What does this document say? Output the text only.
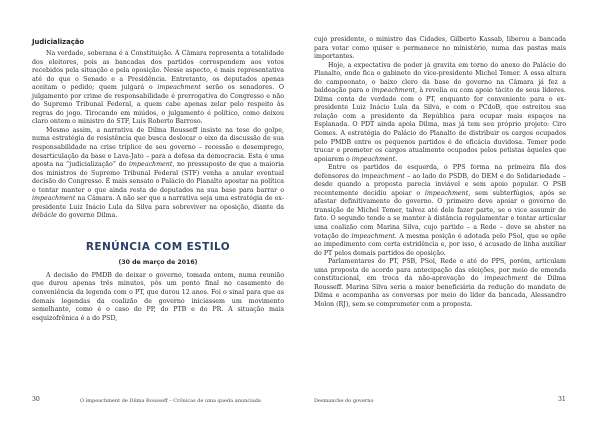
Judicialização

Na verdade, soberana é a Constituição. À Câmara representa a totalidade dos eleitores, pois as bancadas dos partidos correspondem aos votos recebidos pela situação e pela oposição. Nesse aspecto, é mais representativa até do que o Senado e a Presidência. Entretanto, os deputados apenas aceitam o pedido; quem julgará o impeachment serão os senadores. O julgamento por crime de responsabilidade é prerrogativa do Congresso e não do Supremo Tribunal Federal, a quem cabe apenas zelar pelo respeito às regras do jogo. Tirocando em miúdos, o julgamento é político, como deixou claro ontem o ministro do STF, Luís Roberto Barroso.

Mesmo assim, a narrativa de Dilma Rousseff insiste na tese do golpe, numa estratégia de resistência que busca deslocar o eixo da discussão de sua responsabilidade na crise tríplice de seu governo – recessão e desemprego, desarticulação da base e Lava-Jato – para a defesa da democracia. Esta é uma aposta na “judicialização” do impeachment, no pressuposto de que a maioria dos ministros do Supremo Tribunal Federal (STF) venha a anular eventual decisão do Congresso. É mais sensato o Palácio do Planalto apostar na política e tentar manter o que ainda resta de deputados na sua base para barrar o impeachment na Câmara. A não ser que a narrativa seja uma estratégia de ex-presidente Luiz Inácio Lula da Silva para sobreviver na oposição, diante da débâcle do governo Dilma.

RENÚNCIA COM ESTILO
(30 de março de 2016)

A decisão do PMDB de deixar o governo, tomada ontem, numa reunião que durou apenas três minutos, pôs um ponto final no casamento de conveniência da legenda com o PT, que durou 12 anos. Foi o sinal para que as demais legendas da coalizão de governo iniciassem um movimento semelhante, como é o caso do PP, do PTB e do PR. A situação mais esquizofrênica é a do PSD,

30	O impeachment de Dilma Rousseff – Crônicas de uma queda anunciada

cujo presidente, o ministro das Cidades, Gilberto Kassab, liberou a bancada para votar como quiser e permanece no ministério, numa das pastas mais importantes.

Hoje, a expectativa de poder já gravita em torno do anexo do Palácio do Planalto, onde fica o gabinete do vice-presidente Michel Temer. A essa altura do campeonato, o baixo clero da base do governo na Câmara já fez a baldeação para o impeachment, à revelia ou com apoio tácito de seus líderes. Dilma conta de verdade com o PT, enquanto for conveniente para o ex-presidente Luiz Inácio Lula da Silva, e com o PCdoB, que estreitou sua relação com a presidente da República para ocupar mais espaços na Esplanada. O PDT ainda apoia Dilma, mas já tem seu próprio projeto: Ciro Gomes. A estratégia do Palácio do Planalto de distribuir os cargos ocupados pelo PMDB entre os pequenos partidos é de eficácia duvidosa. Temer pode trucar e prometer os cargos atualmente ocupados pelos petistas àqueles que apoiarem o impeachment.

Entre os partidos de esquerda, o PPS forma na primeira fila dos defensores do impeachment – ao lado do PSDB, do DEM e do Solidariedade – desde quando a proposta parecia inviável e sem apoio popular. O PSB recentemente decidiu apoiar o impeachment, sem subterfúgios, após se afastar definitivamente do governo. O primeiro deve apoiar o governo de transição de Michel Temer, talvez até dele fazer parte, se o vice assumir de fato. O segundo tende a se manter à distância regulamentar e tentar articular uma coalizão com Marina Silva, cujo partido – a Rede – deve se abster na votação do impeachment. A mesma posição é adotada pelo PSol, que se opõe ao impedimento com certa estridência e, por isso, é acusado de linha auxiliar do PT pelos demais partidos de oposição.

Parlamentares do PT, PSB, PSol, Rede e até do PPS, porém, articulam uma proposta de acordo para antecipação das eleições, por meio de emenda constitucional, em troca da não-aprovação do impeachment de Dilma Rousseff. Marina Silva seria a maior beneficiária da redução do mandato de Dilma e acompanha as conversas por meio do líder da bancada, Alessandro Molon (RJ), sem se comprometer com a proposta.

Desmanche do governo	31
